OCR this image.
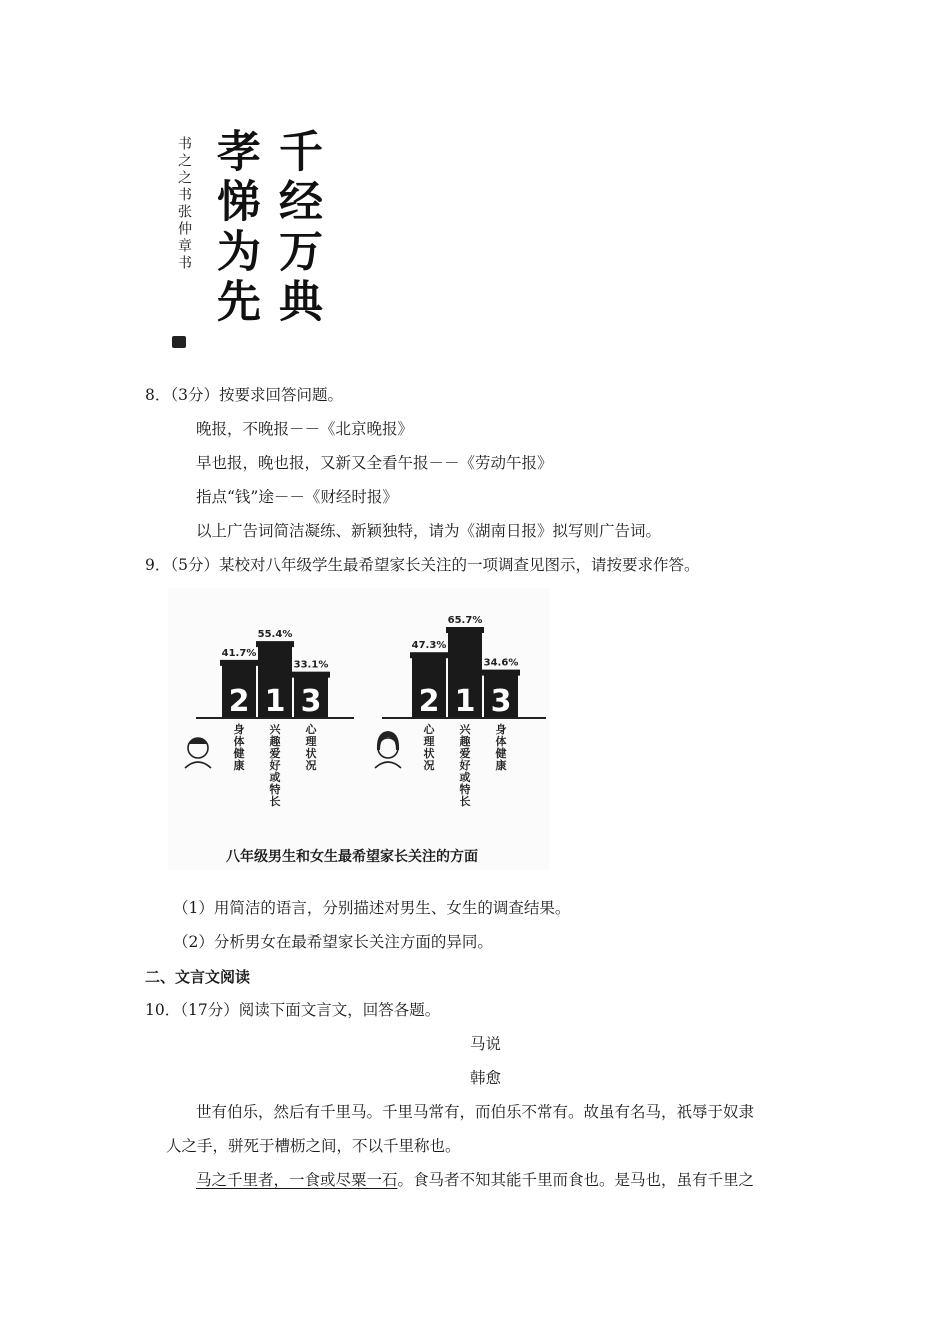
千经万典
孝悌为先
书之之书张仲章书
8．（3分）按要求回答问题。
晚报，不晚报－－《北京晚报》
早也报，晚也报，又新又全看午报－－《劳动午报》
指点“钱”途－－《财经时报》
以上广告词简洁凝练、新颖独特，请为《湖南日报》拟写则广告词。
9．（5分）某校对八年级学生最希望家长关注的一项调查见图示，请按要求作答。
2
41.7%
身体健康
1
55.4%
兴趣爱好或特长
3
33.1%
心理状况
2
47.3%
心理状况
1
65.7%
兴趣爱好或特长
3
34.6%
身体健康
八年级男生和女生最希望家长关注的方面
（1）用简洁的语言，分别描述对男生、女生的调查结果。
（2）分析男女在最希望家长关注方面的异同。
二、文言文阅读
10．（17分）阅读下面文言文，回答各题。
马说
韩愈
世有伯乐，然后有千里马。千里马常有，而伯乐不常有。故虽有名马，祇辱于奴隶
人之手，骈死于槽枥之间，不以千里称也。
马之千里者，一食或尽粟一石。食马者不知其能千里而食也。是马也，虽有千里之
